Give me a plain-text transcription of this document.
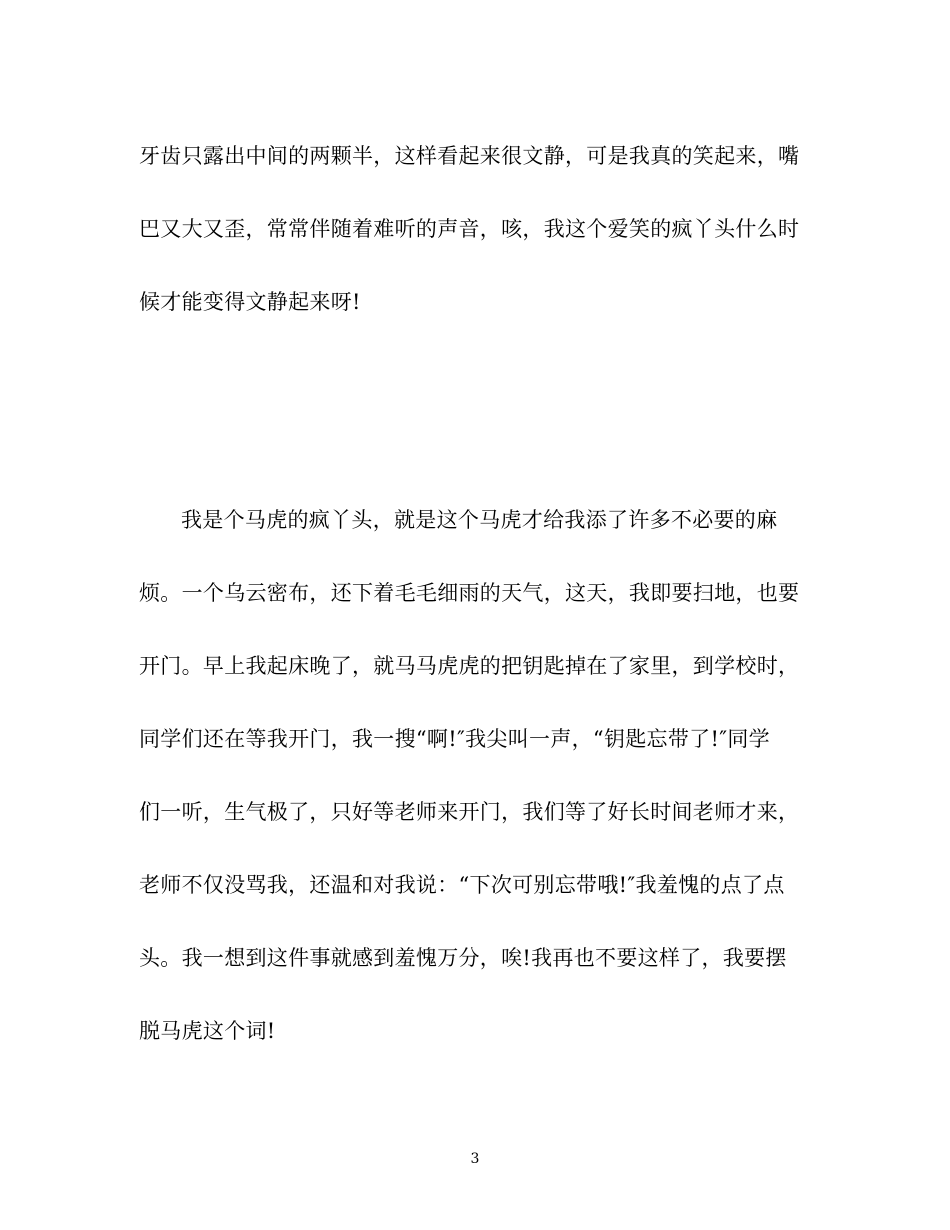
牙齿只露出中间的两颗半，这样看起来很文静，可是我真的笑起来，嘴
巴又大又歪，常常伴随着难听的声音，咳，我这个爱笑的疯丫头什么时
候才能变得文静起来呀!
我是个马虎的疯丫头，就是这个马虎才给我添了许多不必要的麻
烦。一个乌云密布，还下着毛毛细雨的天气，这天，我即要扫地，也要
开门。早上我起床晚了，就马马虎虎的把钥匙掉在了家里，到学校时，
同学们还在等我开门，我一搜“啊!″我尖叫一声，“钥匙忘带了!″同学
们一听，生气极了，只好等老师来开门，我们等了好长时间老师才来，
老师不仅没骂我，还温和对我说：“下次可别忘带哦!″我羞愧的点了点
头。我一想到这件事就感到羞愧万分，唉!我再也不要这样了，我要摆
脱马虎这个词!
3
